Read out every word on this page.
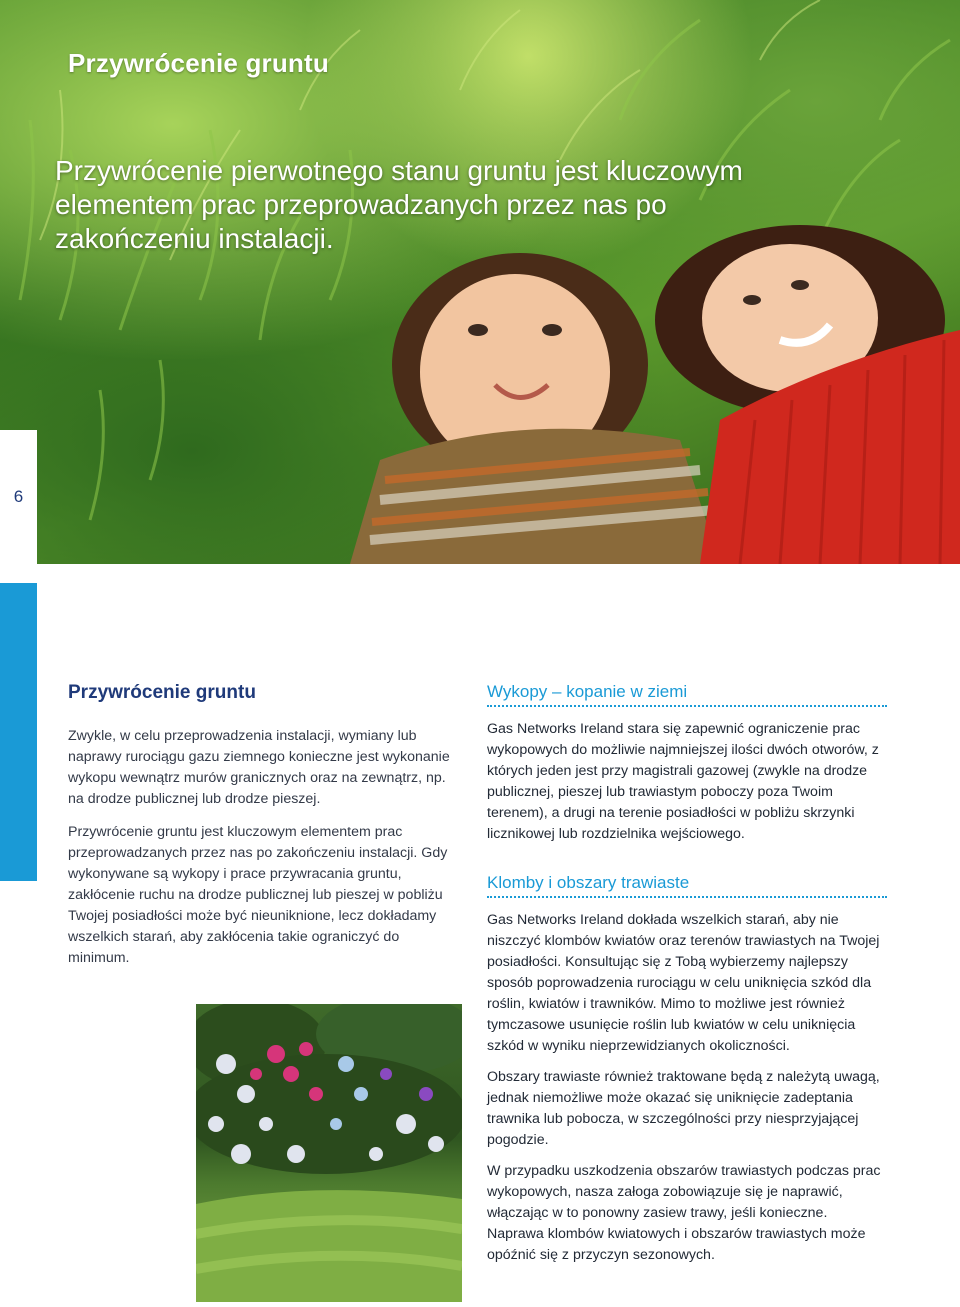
Przywrócenie gruntu

Przywrócenie pierwotnego stanu gruntu jest kluczowym elementem prac przeprowadzanych przez nas po zakończeniu instalacji.

6
Przywrócenie gruntu

Zwykle, w celu przeprowadzenia instalacji, wymiany lub naprawy rurociągu gazu ziemnego konieczne jest wykonanie wykopu wewnątrz murów granicznych oraz na zewnątrz, np. na drodze publicznej lub drodze pieszej.

Przywrócenie gruntu jest kluczowym elementem prac przeprowadzanych przez nas po zakończeniu instalacji. Gdy wykonywane są wykopy i prace przywracania gruntu, zakłócenie ruchu na drodze publicznej lub pieszej w pobliżu Twojej posiadłości może być nieuniknione, lecz dokładamy wszelkich starań, aby zakłócenia takie ograniczyć do minimum.

Wykopy – kopanie w ziemi

Gas Networks Ireland stara się zapewnić ograniczenie prac wykopowych do możliwie najmniejszej ilości dwóch otworów, z których jeden jest przy magistrali gazowej (zwykle na drodze publicznej, pieszej lub trawiastym poboczy poza Twoim terenem), a drugi na terenie posiadłości w pobliżu skrzynki licznikowej lub rozdzielnika wejściowego.

Klomby i obszary trawiaste

Gas Networks Ireland dokłada wszelkich starań, aby nie niszczyć klombów kwiatów oraz terenów trawiastych na Twojej posiadłości. Konsultując się z Tobą wybierzemy najlepszy sposób poprowadzenia rurociągu w celu uniknięcia szkód dla roślin, kwiatów i trawników. Mimo to możliwe jest również tymczasowe usunięcie roślin lub kwiatów w celu uniknięcia szkód w wyniku nieprzewidzianych okoliczności.

Obszary trawiaste również traktowane będą z należytą uwagą, jednak niemożliwe może okazać się uniknięcie zadeptania trawnika lub pobocza, w szczególności przy niesprzyjającej pogodzie.

W przypadku uszkodzenia obszarów trawiastych podczas prac wykopowych, nasza załoga zobowiązuje się je naprawić, włączając w to ponowny zasiew trawy, jeśli konieczne. Naprawa klombów kwiatowych i obszarów trawiastych może opóźnić się z przyczyn sezonowych.
